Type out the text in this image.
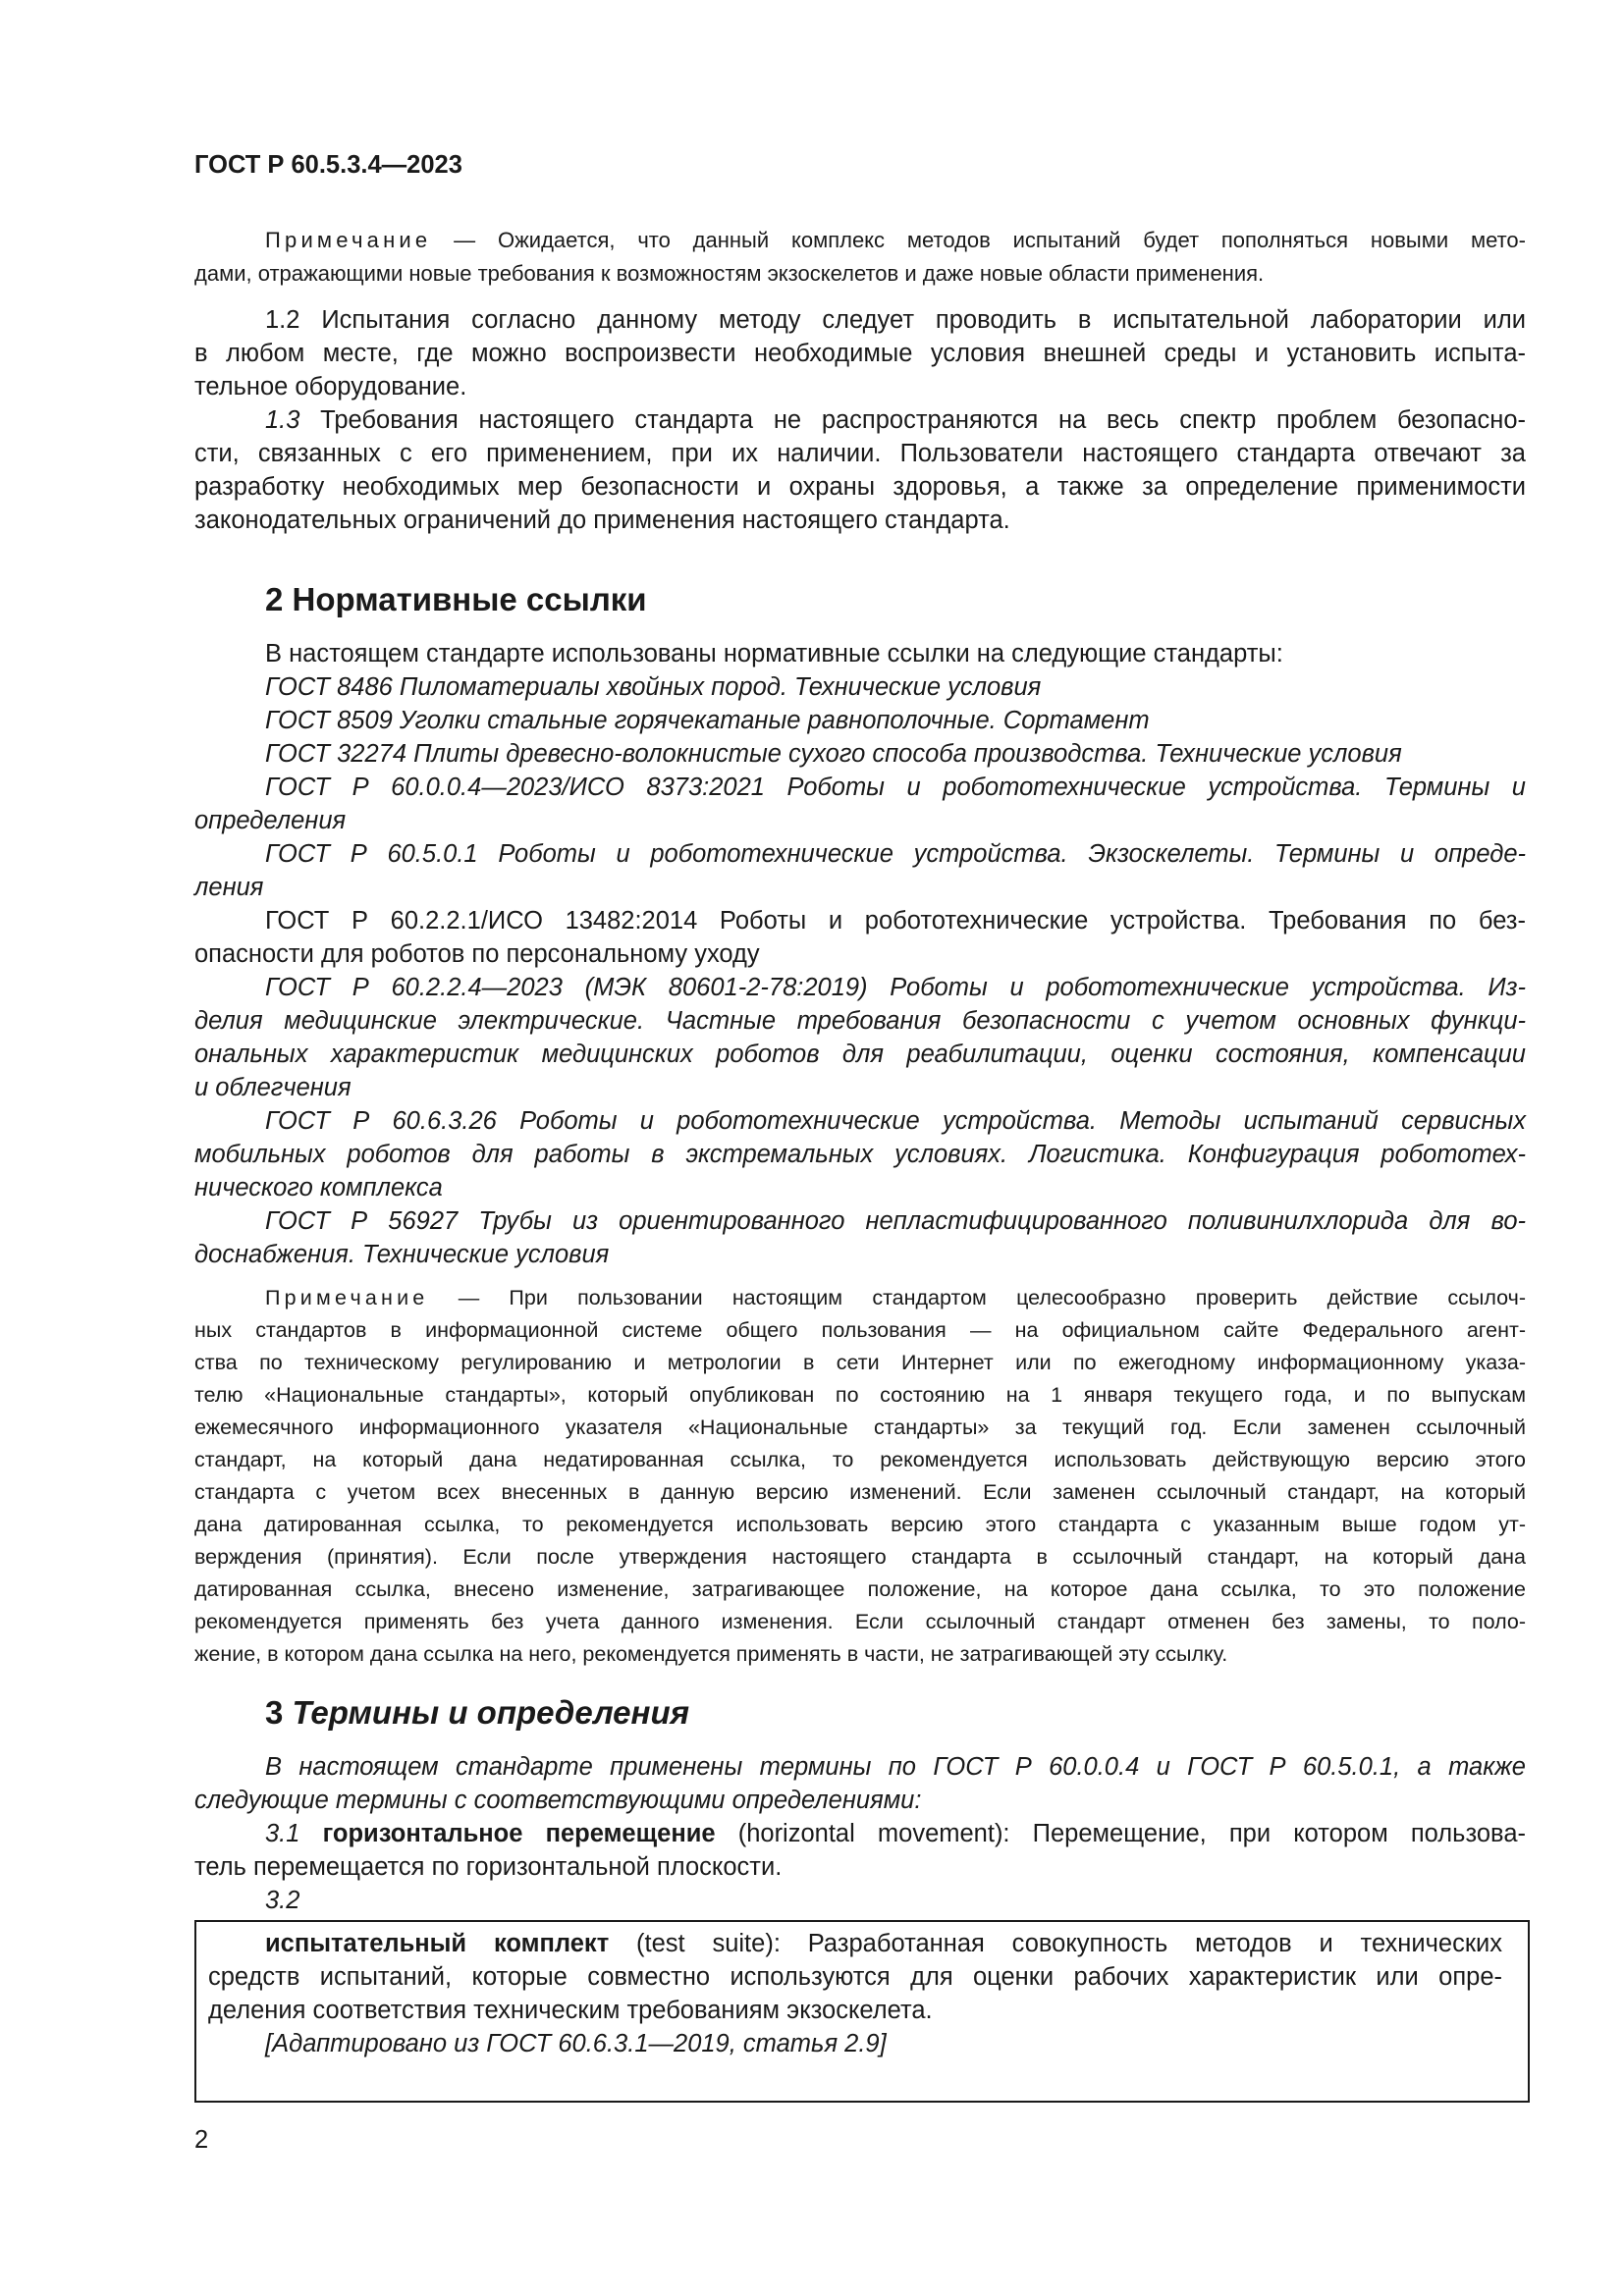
ГОСТ Р 60.5.3.4—2023
Примечание — Ожидается, что данный комплекс методов испытаний будет пополняться новыми мето-
дами, отражающими новые требования к возможностям экзоскелетов и даже новые области применения.
1.2 Испытания согласно данному методу следует проводить в испытательной лаборатории или
в любом месте, где можно воспроизвести необходимые условия внешней среды и установить испыта-
тельное оборудование.
1.3 Требования настоящего стандарта не распространяются на весь спектр проблем безопасно-
сти, связанных с его применением, при их наличии. Пользователи настоящего стандарта отвечают за
разработку необходимых мер безопасности и охраны здоровья, а также за определение применимости
законодательных ограничений до применения настоящего стандарта.
2 Нормативные ссылки
В настоящем стандарте использованы нормативные ссылки на следующие стандарты:
ГОСТ 8486 Пиломатериалы хвойных пород. Технические условия
ГОСТ 8509 Уголки стальные горячекатаные равнополочные. Сортамент
ГОСТ 32274 Плиты древесно-волокнистые сухого способа производства. Технические условия
ГОСТ Р 60.0.0.4—2023/ИСО 8373:2021 Роботы и робототехнические устройства. Термины и
определения
ГОСТ Р 60.5.0.1 Роботы и робототехнические устройства. Экзоскелеты. Термины и опреде-
ления
ГОСТ Р 60.2.2.1/ИСО 13482:2014 Роботы и робототехнические устройства. Требования по без-
опасности для роботов по персональному уходу
ГОСТ Р 60.2.2.4—2023 (МЭК 80601-2-78:2019) Роботы и робототехнические устройства. Из-
делия медицинские электрические. Частные требования безопасности с учетом основных функци-
ональных характеристик медицинских роботов для реабилитации, оценки состояния, компенсации
и облегчения
ГОСТ Р 60.6.3.26 Роботы и робототехнические устройства. Методы испытаний сервисных
мобильных роботов для работы в экстремальных условиях. Логистика. Конфигурация робототех-
нического комплекса
ГОСТ Р 56927 Трубы из ориентированного непластифицированного поливинилхлорида для во-
доснабжения. Технические условия
Примечание — При пользовании настоящим стандартом целесообразно проверить действие ссылоч-
ных стандартов в информационной системе общего пользования — на официальном сайте Федерального агент-
ства по техническому регулированию и метрологии в сети Интернет или по ежегодному информационному указа-
телю «Национальные стандарты», который опубликован по состоянию на 1 января текущего года, и по выпускам
ежемесячного информационного указателя «Национальные стандарты» за текущий год. Если заменен ссылочный
стандарт, на который дана недатированная ссылка, то рекомендуется использовать действующую версию этого
стандарта с учетом всех внесенных в данную версию изменений. Если заменен ссылочный стандарт, на который
дана датированная ссылка, то рекомендуется использовать версию этого стандарта с указанным выше годом ут-
верждения (принятия). Если после утверждения настоящего стандарта в ссылочный стандарт, на который дана
датированная ссылка, внесено изменение, затрагивающее положение, на которое дана ссылка, то это положение
рекомендуется применять без учета данного изменения. Если ссылочный стандарт отменен без замены, то поло-
жение, в котором дана ссылка на него, рекомендуется применять в части, не затрагивающей эту ссылку.
3 Термины и определения
В настоящем стандарте применены термины по ГОСТ Р 60.0.0.4 и ГОСТ Р 60.5.0.1, а также
следующие термины с соответствующими определениями:
3.1 горизонтальное перемещение (horizontal movement): Перемещение, при котором пользова-
тель перемещается по горизонтальной плоскости.
3.2
испытательный комплект (test suite): Разработанная совокупность методов и технических
средств испытаний, которые совместно используются для оценки рабочих характеристик или опре-
деления соответствия техническим требованиям экзоскелета.
[Адаптировано из ГОСТ 60.6.3.1—2019, статья 2.9]
2
